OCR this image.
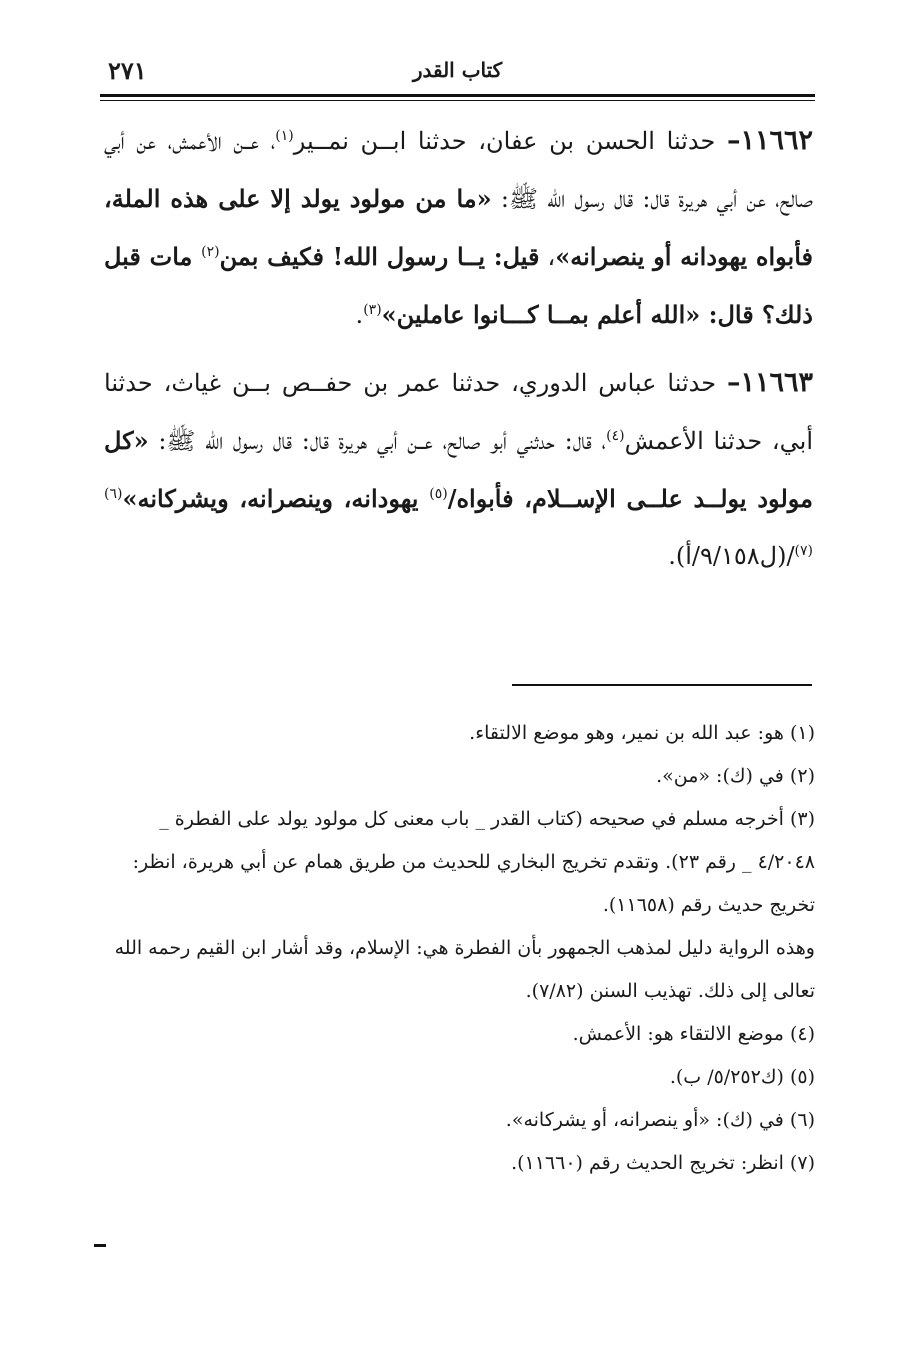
كتاب القدر
٢٧١

١١٦٦٢– حدثنا الحسن بن عفان، حدثنا ابــن نمــير$^{(١)}$، عــن الأعمش، عن أبي صالح، عن أبي هريرة قال: قال رسول الله ﷺ: «ما من مولود يولد إلا على هذه الملة، فأبواه يهودانه أو ينصرانه»، قيل: يــا رسول الله! فكيف بمن$^{(٢)}$ مات قبل ذلك؟ قال: «الله أعلم بمــا كـــانوا عاملين»$^{(٣)}$.

١١٦٦٣– حدثنا عباس الدوري، حدثنا عمر بن حفــص بــن غياث، حدثنا أبي، حدثنا الأعمش$^{(٤)}$، قال: حدثني أبو صالح، عــن أبي هريرة قال: قال رسول الله ﷺ: «كل مولود يولــد علــى الإســلام، فأبواه/$^{(٥)}$ يهودانه، وينصرانه، ويشركانه»$^{(٦)(٧)}$/(ل٩/١٥٨/أ).

(١) هو: عبد الله بن نمير، وهو موضع الالتقاء.

(٢) في (ك): «من».

(٣) أخرجه مسلم في صحيحه (كتاب القدر _ باب معنى كل مولود يولد على الفطرة _ ٤/٢٠٤٨ _ رقم ٢٣). وتقدم تخريج البخاري للحديث من طريق همام عن أبي هريرة، انظر: تخريج حديث رقم (١١٦٥٨).

وهذه الرواية دليل لمذهب الجمهور بأن الفطرة هي: الإسلام، وقد أشار ابن القيم رحمه الله تعالى إلى ذلك. تهذيب السنن (٧/٨٢).

(٤) موضع الالتقاء هو: الأعمش.

(٥) (ك٥/٢٥٢/ ب).

(٦) في (ك): «أو ينصرانه، أو يشركانه».

(٧) انظر: تخريج الحديث رقم (١١٦٦٠).
